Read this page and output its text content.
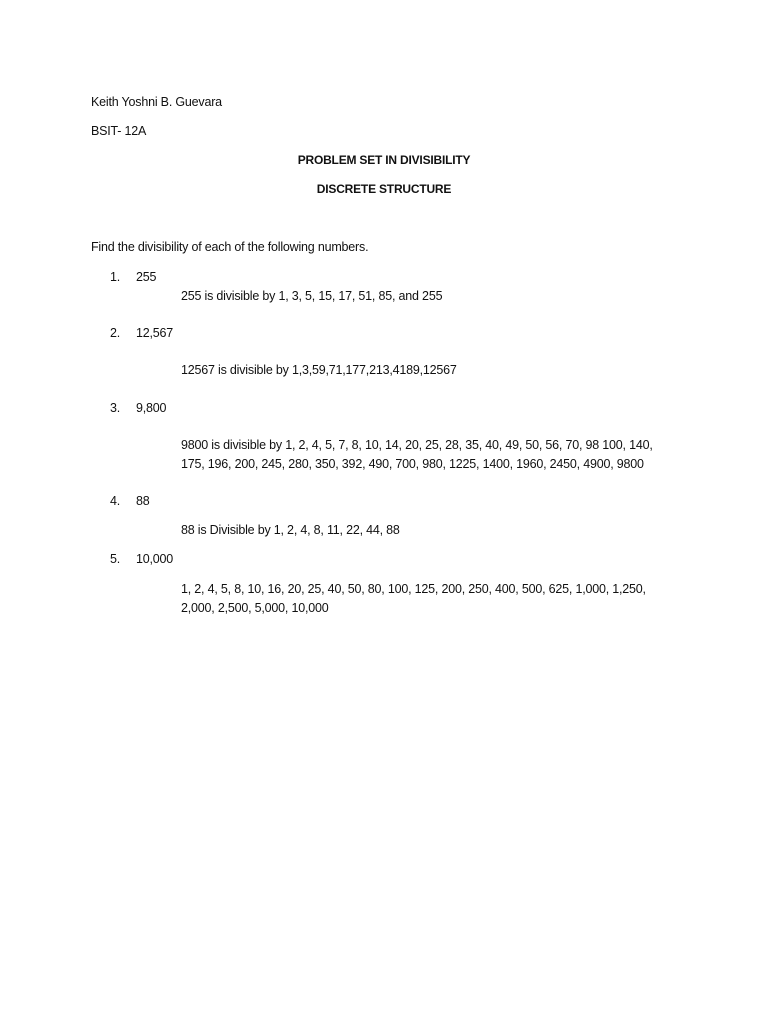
Keith Yoshni B. Guevara
BSIT- 12A
PROBLEM SET IN DIVISIBILITY
DISCRETE STRUCTURE
Find the divisibility of each of the following numbers.
1. 255
255 is divisible by 1, 3, 5, 15, 17, 51, 85, and 255
2. 12,567
12567 is divisible by 1,3,59,71,177,213,4189,12567
3. 9,800
9800 is divisible by 1, 2, 4, 5, 7, 8, 10, 14, 20, 25, 28, 35, 40, 49, 50, 56, 70, 98 100, 140,
175, 196, 200, 245, 280, 350, 392, 490, 700, 980, 1225, 1400, 1960, 2450, 4900, 9800
4. 88
88 is Divisible by 1, 2, 4, 8, 11, 22, 44, 88
5. 10,000
1, 2, 4, 5, 8, 10, 16, 20, 25, 40, 50, 80, 100, 125, 200, 250, 400, 500, 625, 1,000, 1,250,
2,000, 2,500, 5,000, 10,000
